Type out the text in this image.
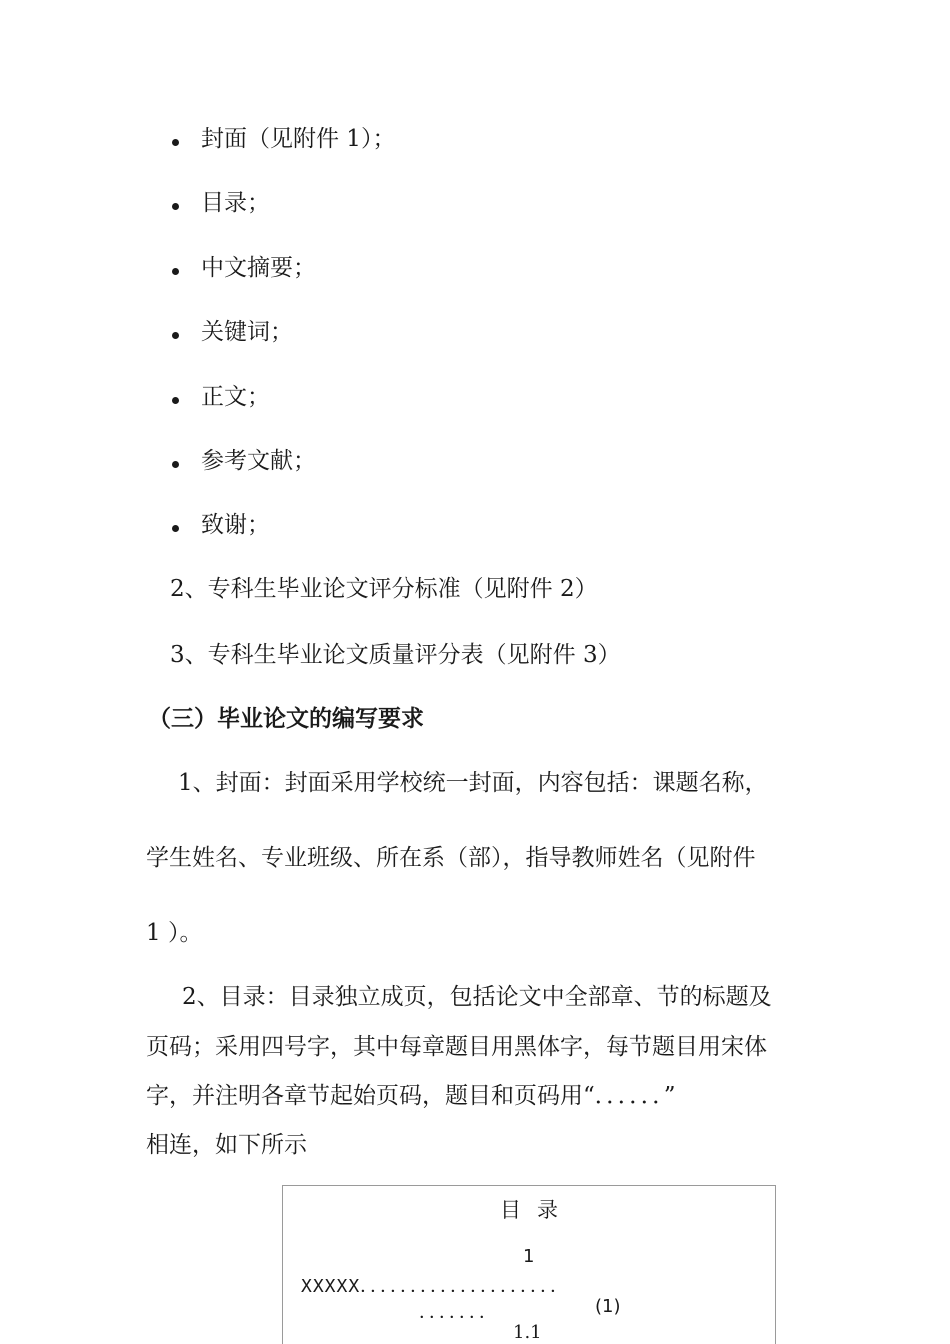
封面（见附件 1）；
目录；
中文摘要；
关键词；
正文；
参考文献；
致谢；
2、专科生毕业论文评分标准（见附件 2）
3、专科生毕业论文质量评分表（见附件 3）
（三）毕业论文的编写要求
1、封面：封面采用学校统一封面，内容包括：课题名称，
学生姓名、专业班级、所在系（部），指导教师姓名（见附件
1 ）。
2、目录：目录独立成页，包括论文中全部章、节的标题及
页码；采用四号字，其中每章题目用黑体字，每节题目用宋体
字，并注明各章节起始页码，题目和页码用“．．．．．．”
相连，如下所示
目录
1
XXXXX．．．．．．．．．．．．．．．．．．．．
．．．．．．．	(1)
1.1
